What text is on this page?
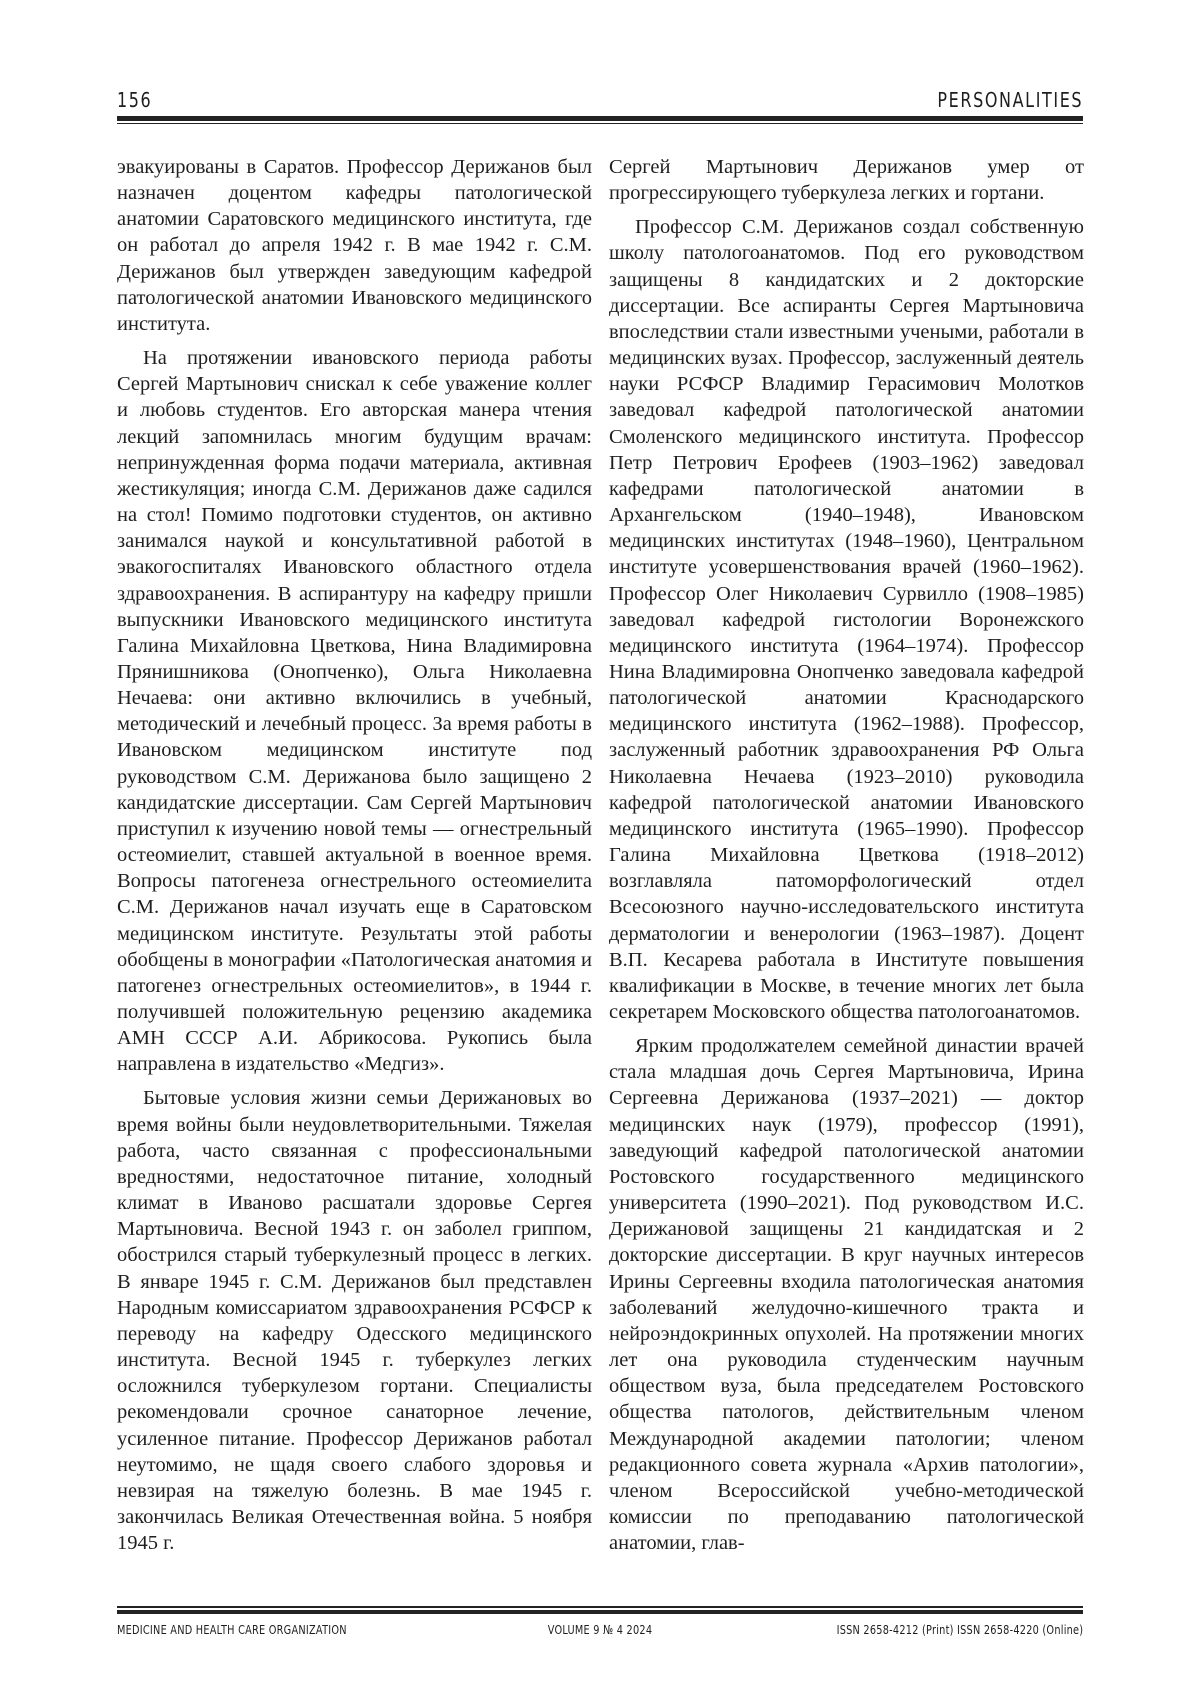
156	PERSONALITIES

эвакуированы в Саратов. Профессор Дерижанов был назначен доцентом кафедры патологической анатомии Саратовского медицинского института, где он работал до апреля 1942 г. В мае 1942 г. С.М. Дерижанов был утвержден заведующим кафедрой патологической анатомии Ивановского медицинского института.

На протяжении ивановского периода работы Сергей Мартынович снискал к себе уважение коллег и любовь студентов. Его авторская манера чтения лекций запомнилась многим будущим врачам: непринужденная форма подачи материала, активная жестикуляция; иногда С.М. Дерижанов даже садился на стол! Помимо подготовки студентов, он активно занимался наукой и консультативной работой в эвакогоспиталях Ивановского областного отдела здравоохранения. В аспирантуру на кафедру пришли выпускники Ивановского медицинского института Галина Михайловна Цветкова, Нина Владимировна Прянишникова (Онопченко), Ольга Николаевна Нечаева: они активно включились в учебный, методический и лечебный процесс. За время работы в Ивановском медицинском институте под руководством С.М. Дерижанова было защищено 2 кандидатские диссертации. Сам Сергей Мартынович приступил к изучению новой темы — огнестрельный остеомиелит, ставшей актуальной в военное время. Вопросы патогенеза огнестрельного остеомиелита С.М. Дерижанов начал изучать еще в Саратовском медицинском институте. Результаты этой работы обобщены в монографии «Патологическая анатомия и патогенез огнестрельных остеомиелитов», в 1944 г. получившей положительную рецензию академика АМН СССР А.И. Абрикосова. Рукопись была направлена в издательство «Медгиз».

Бытовые условия жизни семьи Дерижановых во время войны были неудовлетворительными. Тяжелая работа, часто связанная с профессиональными вредностями, недостаточное питание, холодный климат в Иваново расшатали здоровье Сергея Мартыновича. Весной 1943 г. он заболел гриппом, обострился старый туберкулезный процесс в легких. В январе 1945 г. С.М. Дерижанов был представлен Народным комиссариатом здравоохранения РСФСР к переводу на кафедру Одесского медицинского института. Весной 1945 г. туберкулез легких осложнился туберкулезом гортани. Специалисты рекомендовали срочное санаторное лечение, усиленное питание. Профессор Дерижанов работал неутомимо, не щадя своего слабого здоровья и невзирая на тяжелую болезнь. В мае 1945 г. закончилась Великая Отечественная война. 5 ноября 1945 г.

Сергей Мартынович Дерижанов умер от прогрессирующего туберкулеза легких и гортани.

Профессор С.М. Дерижанов создал собственную школу патологоанатомов. Под его руководством защищены 8 кандидатских и 2 докторские диссертации. Все аспиранты Сергея Мартыновича впоследствии стали известными учеными, работали в медицинских вузах. Профессор, заслуженный деятель науки РСФСР Владимир Герасимович Молотков заведовал кафедрой патологической анатомии Смоленского медицинского института. Профессор Петр Петрович Ерофеев (1903–1962) заведовал кафедрами патологической анатомии в Архангельском (1940–1948), Ивановском медицинских институтах (1948–1960), Центральном институте усовершенствования врачей (1960–1962). Профессор Олег Николаевич Сурвилло (1908–1985) заведовал кафедрой гистологии Воронежского медицинского института (1964–1974). Профессор Нина Владимировна Онопченко заведовала кафедрой патологической анатомии Краснодарского медицинского института (1962–1988). Профессор, заслуженный работник здравоохранения РФ Ольга Николаевна Нечаева (1923–2010) руководила кафедрой патологической анатомии Ивановского медицинского института (1965–1990). Профессор Галина Михайловна Цветкова (1918–2012) возглавляла патоморфологический отдел Всесоюзного научно-исследовательского института дерматологии и венерологии (1963–1987). Доцент В.П. Кесарева работала в Институте повышения квалификации в Москве, в течение многих лет была секретарем Московского общества патологоанатомов.

Ярким продолжателем семейной династии врачей стала младшая дочь Сергея Мартыновича, Ирина Сергеевна Дерижанова (1937–2021) — доктор медицинских наук (1979), профессор (1991), заведующий кафедрой патологической анатомии Ростовского государственного медицинского университета (1990–2021). Под руководством И.С. Дерижановой защищены 21 кандидатская и 2 докторские диссертации. В круг научных интересов Ирины Сергеевны входила патологическая анатомия заболеваний желудочно-кишечного тракта и нейроэндокринных опухолей. На протяжении многих лет она руководила студенческим научным обществом вуза, была председателем Ростовского общества патологов, действительным членом Международной академии патологии; членом редакционного совета журнала «Архив патологии», членом Всероссийской учебно-методической комиссии по преподаванию патологической анатомии, глав-

MEDICINE AND HEALTH CARE ORGANIZATION	VOLUME 9 № 4 2024	ISSN 2658-4212 (Print) ISSN 2658-4220 (Online)
